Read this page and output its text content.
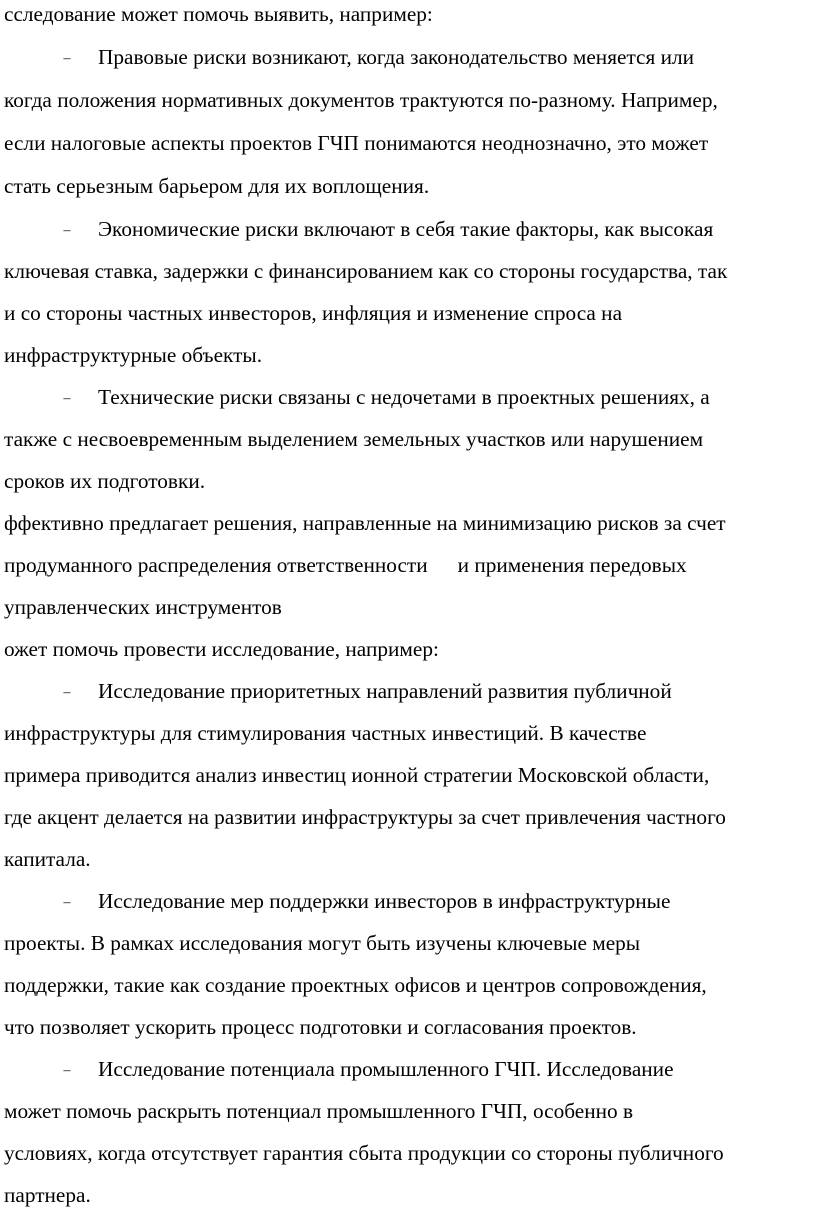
сследование может помочь выявить, например:
– Правовые риски возникают, когда законодательство меняется или
когда положения нормативных документов трактуются по-разному. Например,
если налоговые аспекты проектов ГЧП понимаются неоднозначно, это может
стать серьезным барьером для их воплощения.
– Экономические риски включают в себя такие факторы, как высокая
ключевая ставка, задержки с финансированием как со стороны государства, так
и со стороны частных инвесторов, инфляция и изменение спроса на
инфраструктурные объекты.
– Технические риски связаны с недочетами в проектных решениях, а
также с несвоевременным выделением земельных участков или нарушением
сроков их подготовки.
ффективно предлагает решения, направленные на минимизацию рисков за счет
продуманного распределения ответственности и применения передовых
управленческих инструментов
ожет помочь провести исследование, например:
– Исследование приоритетных направлений развития публичной
инфраструктуры для стимулирования частных инвестиций. В качестве
примера приводится анализ инвестиц ионной стратегии Московской области,
где акцент делается на развитии инфраструктуры за счет привлечения частного
капитала.
– Исследование мер поддержки инвесторов в инфраструктурные
проекты. В рамках исследования могут быть изучены ключевые меры
поддержки, такие как создание проектных офисов и центров сопровождения,
что позволяет ускорить процесс подготовки и согласования проектов.
– Исследование потенциала промышленного ГЧП. Исследование
может помочь раскрыть потенциал промышленного ГЧП, особенно в
условиях, когда отсутствует гарантия сбыта продукции со стороны публичного
партнера.
